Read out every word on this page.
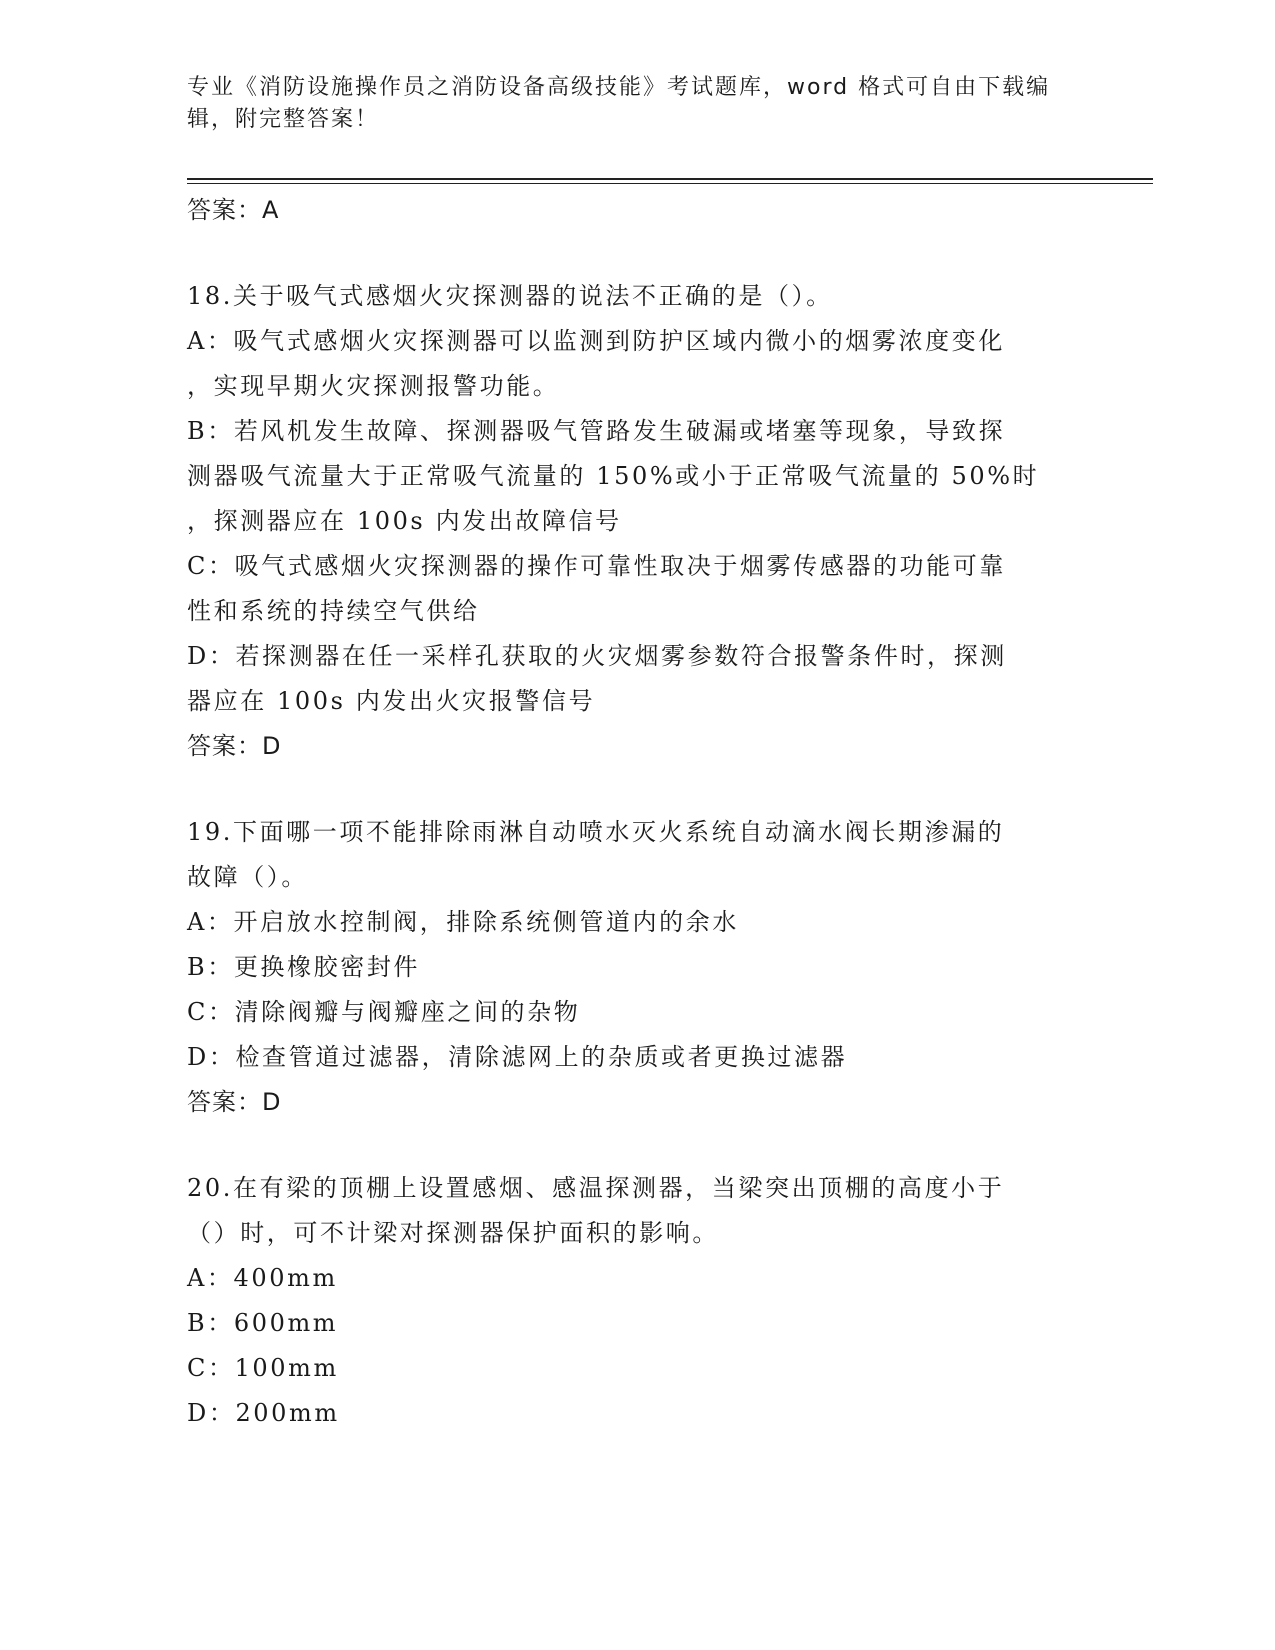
专业《消防设施操作员之消防设备高级技能》考试题库，word 格式可自由下载编
辑，附完整答案！
答案：A
18.关于吸气式感烟火灾探测器的说法不正确的是（）。
A：吸气式感烟火灾探测器可以监测到防护区域内微小的烟雾浓度变化
，实现早期火灾探测报警功能。
B：若风机发生故障、探测器吸气管路发生破漏或堵塞等现象，导致探
测器吸气流量大于正常吸气流量的 150%或小于正常吸气流量的 50%时
，探测器应在 100s 内发出故障信号
C：吸气式感烟火灾探测器的操作可靠性取决于烟雾传感器的功能可靠
性和系统的持续空气供给
D：若探测器在任一采样孔获取的火灾烟雾参数符合报警条件时，探测
器应在 100s 内发出火灾报警信号
答案：D
19.下面哪一项不能排除雨淋自动喷水灭火系统自动滴水阀长期渗漏的
故障（）。
A：开启放水控制阀，排除系统侧管道内的余水
B：更换橡胶密封件
C：清除阀瓣与阀瓣座之间的杂物
D：检查管道过滤器，清除滤网上的杂质或者更换过滤器
答案：D
20.在有梁的顶棚上设置感烟、感温探测器，当梁突出顶棚的高度小于
（）时，可不计梁对探测器保护面积的影响。
A：400mm
B：600mm
C：100mm
D：200mm
